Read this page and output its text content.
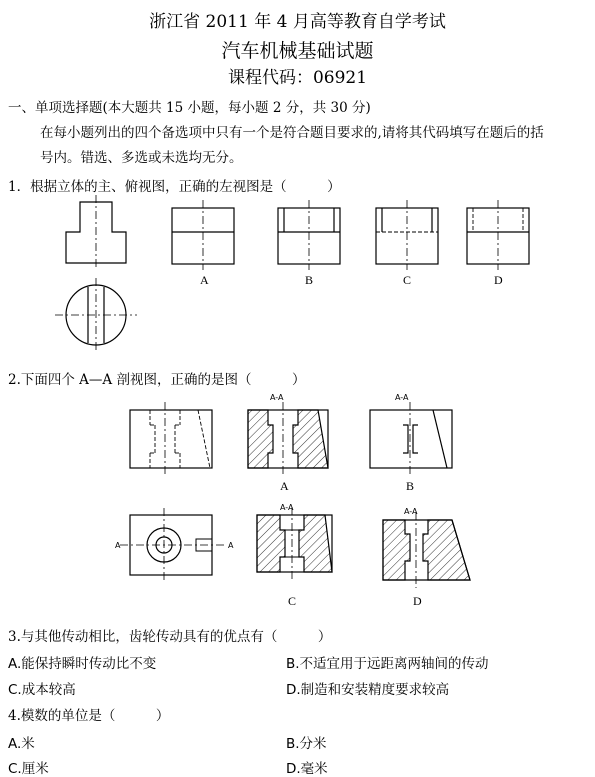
浙江省 2011 年 4 月高等教育自学考试
汽车机械基础试题
课程代码：06921
一、单项选择题(本大题共 15 小题，每小题 2 分，共 30 分)
在每小题列出的四个备选项中只有一个是符合题目要求的,请将其代码填写在题后的括
号内。错选、多选或未选均无分。
1．根据立体的主、俯视图，正确的左视图是（　　　）
2.下面四个 A—A 剖视图，正确的是图（　　　）
A	B	C	D
A-A	A-A
A	B
A	A
A-A	A-A
C	D
3.与其他传动相比，齿轮传动具有的优点有（　　　）
A.能保持瞬时传动比不变	B.不适宜用于远距离两轴间的传动
C.成本较高	D.制造和安装精度要求较高
4.模数的单位是（　　　）
A.米	B.分米
C.厘米	D.毫米
